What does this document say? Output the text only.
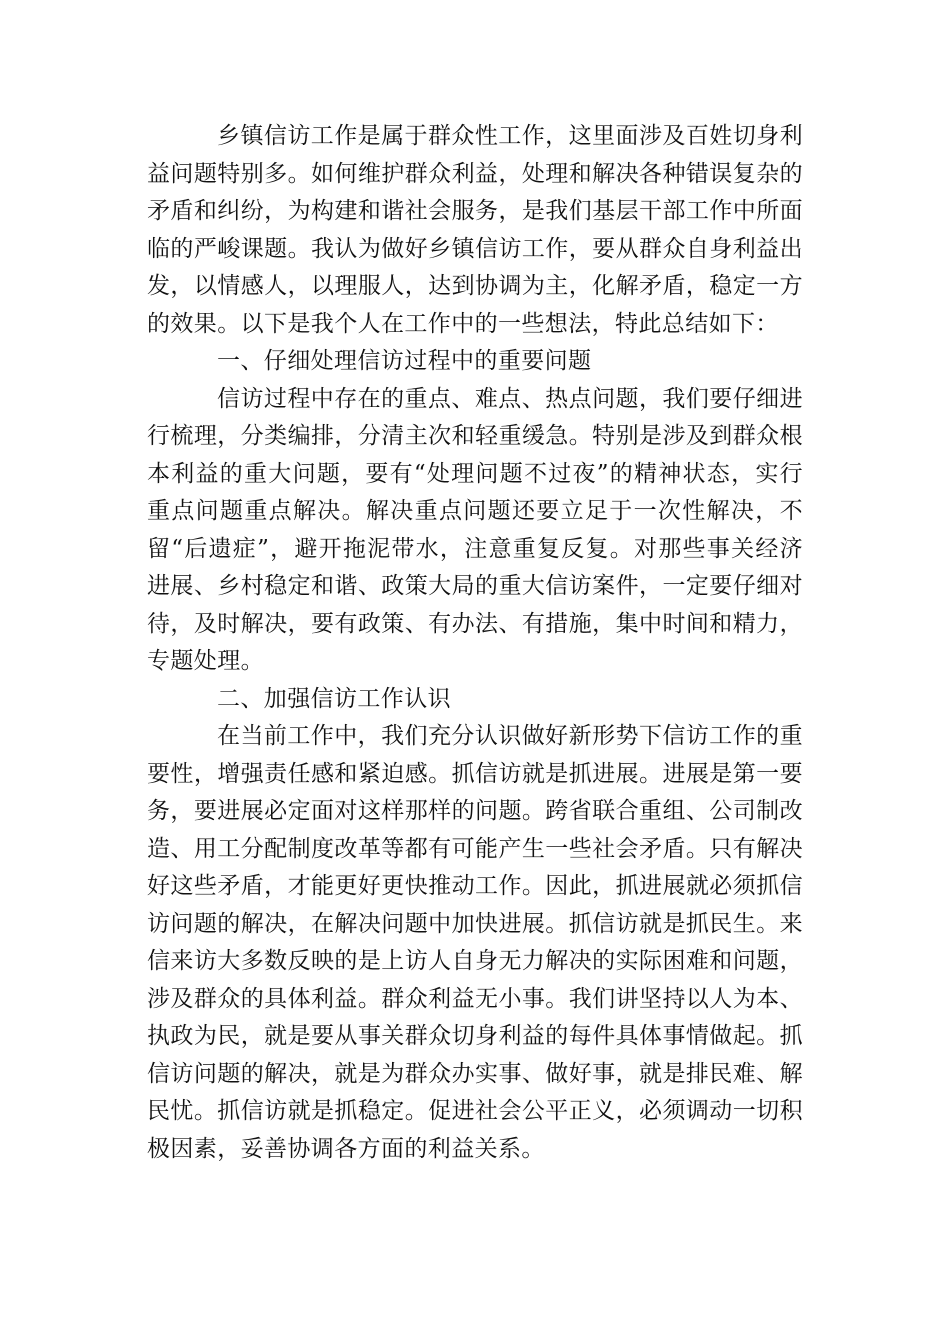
乡镇信访工作是属于群众性工作，这里面涉及百姓切身利益问题特别多。如何维护群众利益，处理和解决各种错误复杂的矛盾和纠纷，为构建和谐社会服务，是我们基层干部工作中所面临的严峻课题。我认为做好乡镇信访工作，要从群众自身利益出发，以情感人，以理服人，达到协调为主，化解矛盾，稳定一方的效果。以下是我个人在工作中的一些想法，特此总结如下：

一、仔细处理信访过程中的重要问题

信访过程中存在的重点、难点、热点问题，我们要仔细进行梳理，分类编排，分清主次和轻重缓急。特别是涉及到群众根本利益的重大问题，要有“处理问题不过夜”的精神状态，实行重点问题重点解决。解决重点问题还要立足于一次性解决，不留“后遗症”，避开拖泥带水，注意重复反复。对那些事关经济进展、乡村稳定和谐、政策大局的重大信访案件，一定要仔细对待，及时解决，要有政策、有办法、有措施，集中时间和精力，专题处理。

二、加强信访工作认识

在当前工作中，我们充分认识做好新形势下信访工作的重要性，增强责任感和紧迫感。抓信访就是抓进展。进展是第一要务，要进展必定面对这样那样的问题。跨省联合重组、公司制改造、用工分配制度改革等都有可能产生一些社会矛盾。只有解决好这些矛盾，才能更好更快推动工作。因此，抓进展就必须抓信访问题的解决，在解决问题中加快进展。抓信访就是抓民生。来信来访大多数反映的是上访人自身无力解决的实际困难和问题，涉及群众的具体利益。群众利益无小事。我们讲坚持以人为本、执政为民，就是要从事关群众切身利益的每件具体事情做起。抓信访问题的解决，就是为群众办实事、做好事，就是排民难、解民忧。抓信访就是抓稳定。促进社会公平正义，必须调动一切积极因素，妥善协调各方面的利益关系。
